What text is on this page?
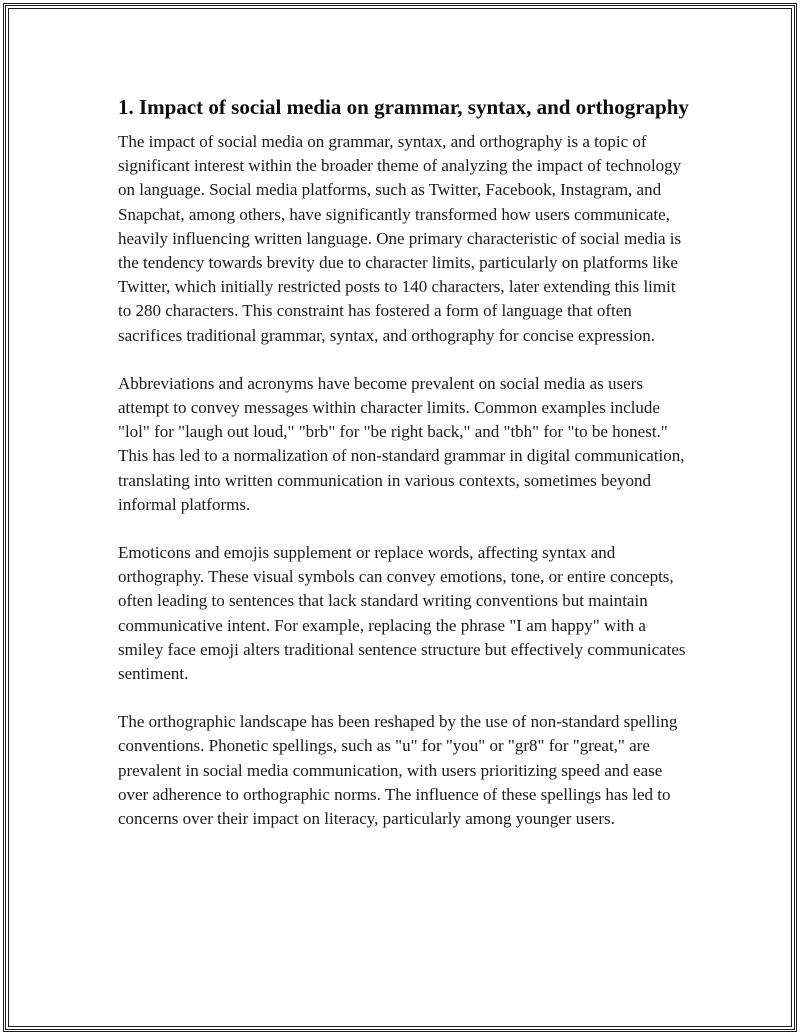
1. Impact of social media on grammar, syntax, and orthography

The impact of social media on grammar, syntax, and orthography is a topic of significant interest within the broader theme of analyzing the impact of technology on language. Social media platforms, such as Twitter, Facebook, Instagram, and Snapchat, among others, have significantly transformed how users communicate, heavily influencing written language. One primary characteristic of social media is the tendency towards brevity due to character limits, particularly on platforms like Twitter, which initially restricted posts to 140 characters, later extending this limit to 280 characters. This constraint has fostered a form of language that often sacrifices traditional grammar, syntax, and orthography for concise expression.

Abbreviations and acronyms have become prevalent on social media as users attempt to convey messages within character limits. Common examples include "lol" for "laugh out loud," "brb" for "be right back," and "tbh" for "to be honest." This has led to a normalization of non-standard grammar in digital communication, translating into written communication in various contexts, sometimes beyond informal platforms.

Emoticons and emojis supplement or replace words, affecting syntax and orthography. These visual symbols can convey emotions, tone, or entire concepts, often leading to sentences that lack standard writing conventions but maintain communicative intent. For example, replacing the phrase "I am happy" with a smiley face emoji alters traditional sentence structure but effectively communicates sentiment.

The orthographic landscape has been reshaped by the use of non-standard spelling conventions. Phonetic spellings, such as "u" for "you" or "gr8" for "great," are prevalent in social media communication, with users prioritizing speed and ease over adherence to orthographic norms. The influence of these spellings has led to concerns over their impact on literacy, particularly among younger users.
